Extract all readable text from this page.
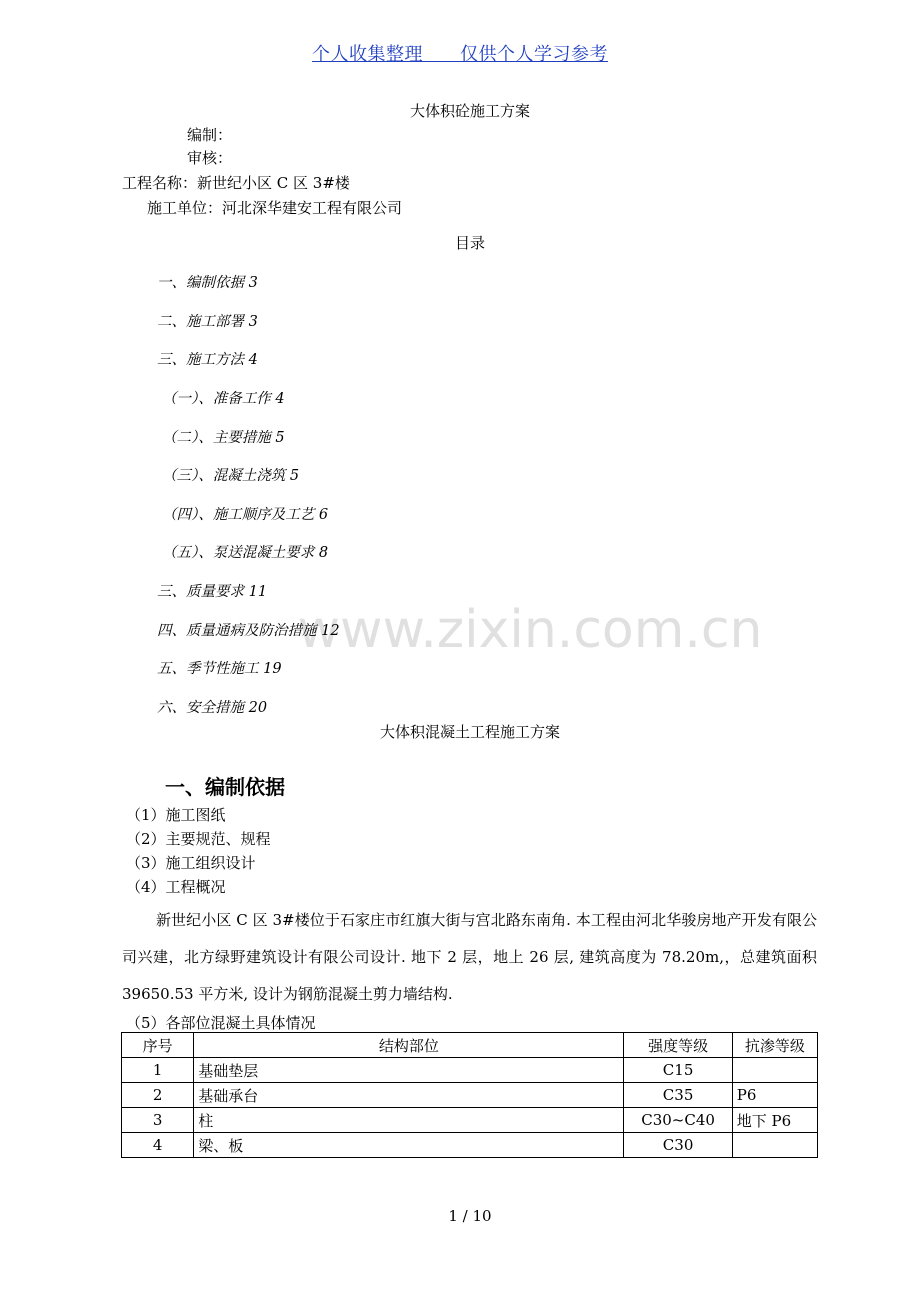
www.zixin.com.cn
个人收集整理　　仅供个人学习参考
大体积砼施工方案
编制：
审核：
工程名称：新世纪小区 C 区 3#楼
施工单位：河北深华建安工程有限公司
目录
一、编制依据 3
二、施工部署 3
三、施工方法 4
（一）、准备工作 4
（二）、主要措施 5
（三）、混凝土浇筑 5
（四）、施工顺序及工艺 6
（五）、泵送混凝土要求 8
三、质量要求 11
四、质量通病及防治措施 12
五、季节性施工 19
六、安全措施 20
大体积混凝土工程施工方案
一、编制依据
（1）施工图纸
（2）主要规范、规程
（3）施工组织设计
（4）工程概况
新世纪小区 C 区 3#楼位于石家庄市红旗大街与宫北路东南角. 本工程由河北华骏房地产开发有限公司兴建，北方绿野建筑设计有限公司设计. 地下 2 层，地上 26 层, 建筑高度为 78.20m,，总建筑面积 39650.53 平方米, 设计为钢筋混凝土剪力墙结构.
（5）各部位混凝土具体情况
序号	结构部位	强度等级	抗渗等级
1	基础垫层	C15	
2	基础承台	C35	P6
3	柱	C30~C40	地下 P6
4	梁、板	C30	
1 / 10
